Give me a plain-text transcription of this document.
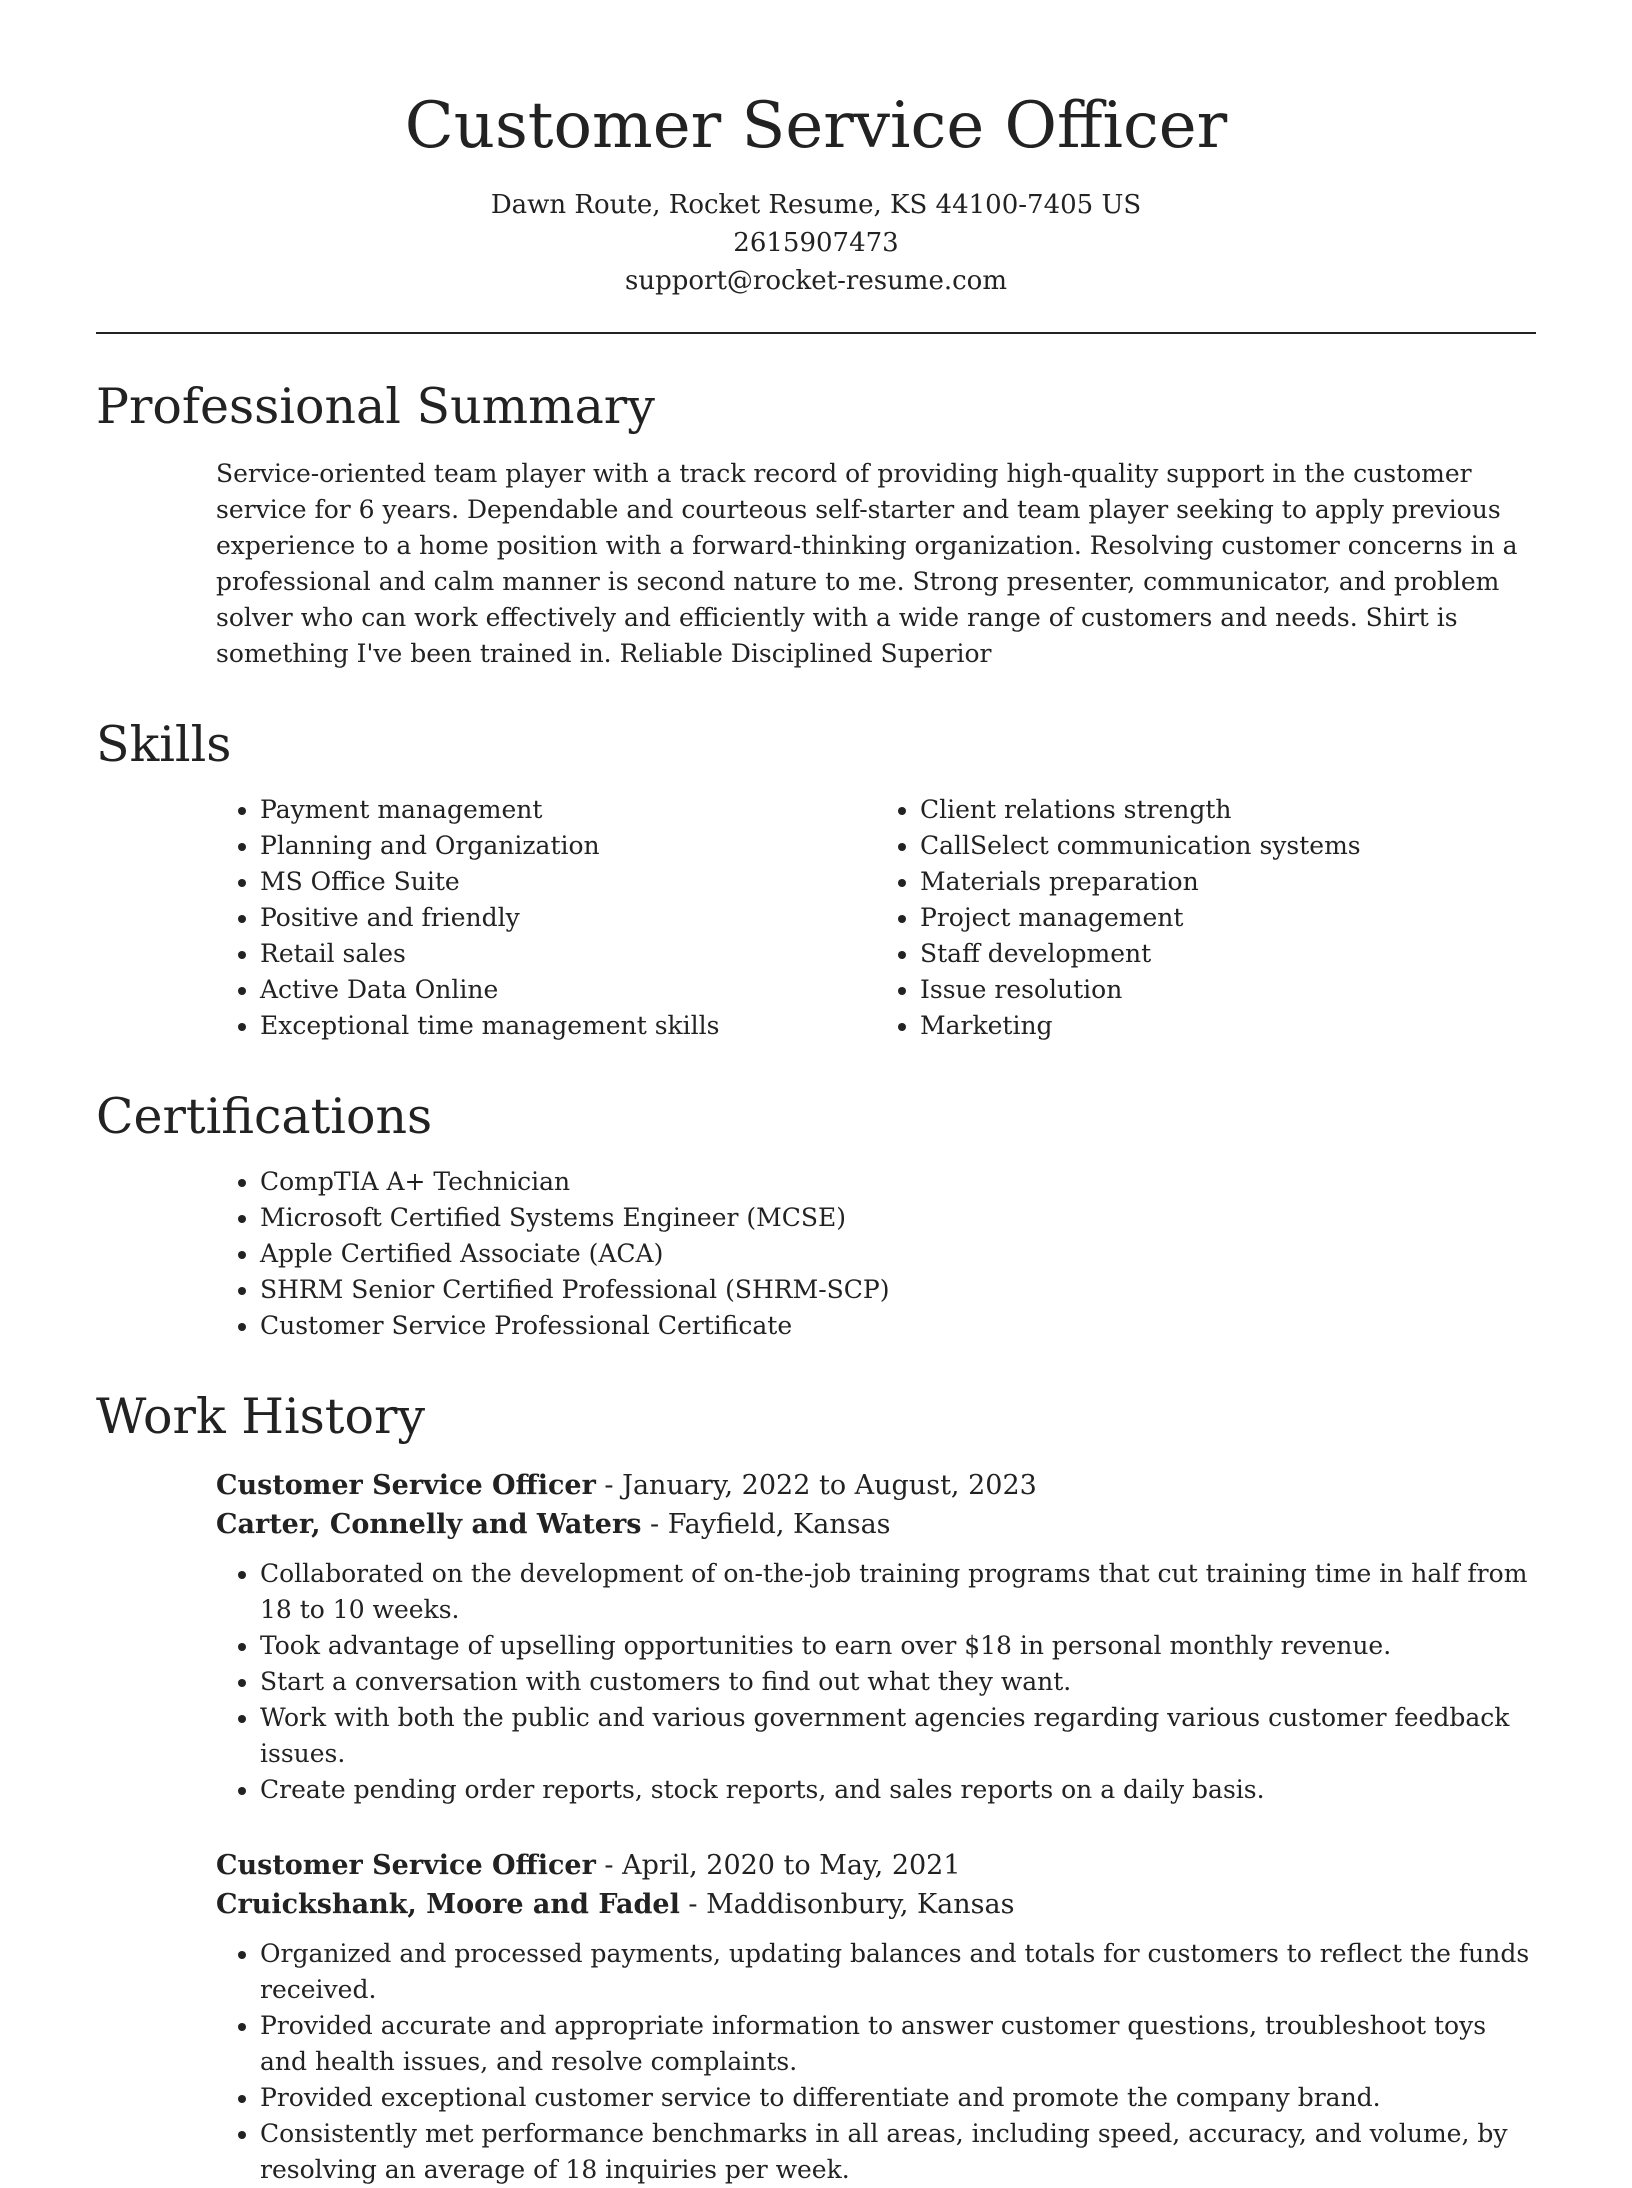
Customer Service Officer
Dawn Route, Rocket Resume, KS 44100-7405 US
2615907473
support@rocket-resume.com
Professional Summary

Service-oriented team player with a track record of providing high-quality support in the customer service for 6 years. Dependable and courteous self-starter and team player seeking to apply previous experience to a home position with a forward-thinking organization. Resolving customer concerns in a professional and calm manner is second nature to me. Strong presenter, communicator, and problem solver who can work effectively and efficiently with a wide range of customers and needs. Shirt is something I've been trained in. Reliable Disciplined Superior

Skills
• Payment management
• Planning and Organization
• MS Office Suite
• Positive and friendly
• Retail sales
• Active Data Online
• Exceptional time management skills
• Client relations strength
• CallSelect communication systems
• Materials preparation
• Project management
• Staff development
• Issue resolution
• Marketing
Certifications
• CompTIA A+ Technician
• Microsoft Certified Systems Engineer (MCSE)
• Apple Certified Associate (ACA)
• SHRM Senior Certified Professional (SHRM-SCP)
• Customer Service Professional Certificate
Work History
Customer Service Officer - January, 2022 to August, 2023
Carter, Connelly and Waters - Fayfield, Kansas
• Collaborated on the development of on-the-job training programs that cut training time in half from 18 to 10 weeks.
• Took advantage of upselling opportunities to earn over $18 in personal monthly revenue.
• Start a conversation with customers to find out what they want.
• Work with both the public and various government agencies regarding various customer feedback issues.
• Create pending order reports, stock reports, and sales reports on a daily basis.
Customer Service Officer - April, 2020 to May, 2021
Cruickshank, Moore and Fadel - Maddisonbury, Kansas
• Organized and processed payments, updating balances and totals for customers to reflect the funds received.
• Provided accurate and appropriate information to answer customer questions, troubleshoot toys and health issues, and resolve complaints.
• Provided exceptional customer service to differentiate and promote the company brand.
• Consistently met performance benchmarks in all areas, including speed, accuracy, and volume, by resolving an average of 18 inquiries per week.
